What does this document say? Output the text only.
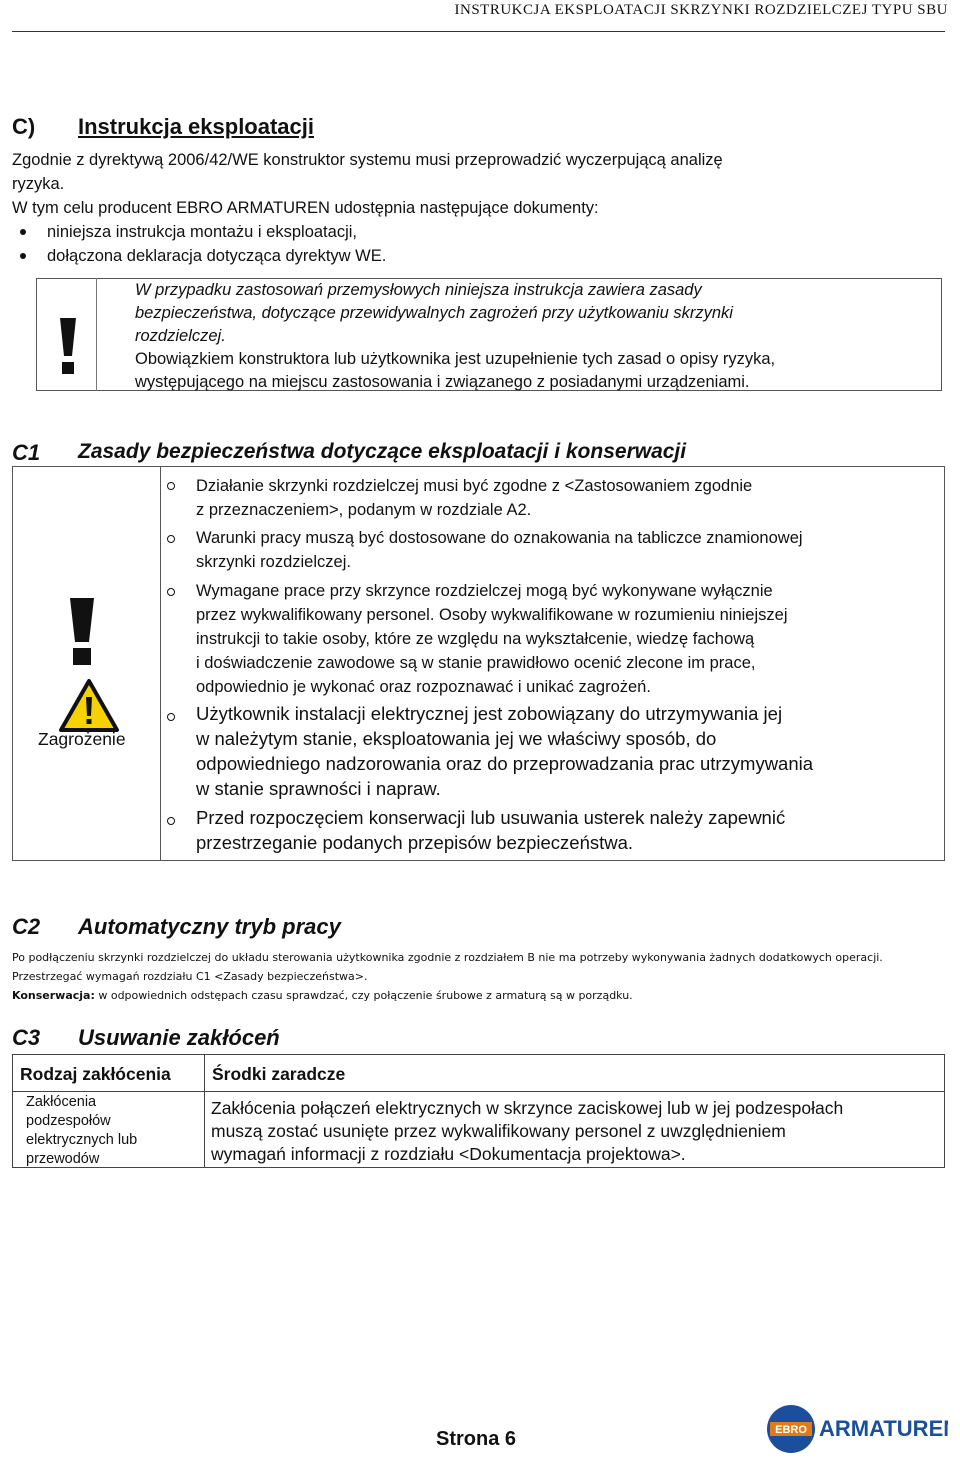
INSTRUKCJA EKSPLOATACJI SKRZYNKI ROZDZIELCZEJ TYPU SBU
C) Instrukcja eksploatacji
Zgodnie z dyrektywą 2006/42/WE konstruktor systemu musi przeprowadzić wyczerpującą analizę
ryzyka.
W tym celu producent EBRO ARMATUREN udostępnia następujące dokumenty:
niniejsza instrukcja montażu i eksploatacji,
dołączona deklaracja dotycząca dyrektyw WE.
W przypadku zastosowań przemysłowych niniejsza instrukcja zawiera zasady
bezpieczeństwa, dotyczące przewidywalnych zagrożeń przy użytkowaniu skrzynki
rozdzielczej.
Obowiązkiem konstruktora lub użytkownika jest uzupełnienie tych zasad o opisy ryzyka,
występującego na miejscu zastosowania i związanego z posiadanymi urządzeniami.
C1 Zasady bezpieczeństwa dotyczące eksploatacji i konserwacji
Zagrożenie
Działanie skrzynki rozdzielczej musi być zgodne z <Zastosowaniem zgodnie
z przeznaczeniem>, podanym w rozdziale A2.
Warunki pracy muszą być dostosowane do oznakowania na tabliczce znamionowej
skrzynki rozdzielczej.
Wymagane prace przy skrzynce rozdzielczej mogą być wykonywane wyłącznie
przez wykwalifikowany personel. Osoby wykwalifikowane w rozumieniu niniejszej
instrukcji to takie osoby, które ze względu na wykształcenie, wiedzę fachową
i doświadczenie zawodowe są w stanie prawidłowo ocenić zlecone im prace,
odpowiednio je wykonać oraz rozpoznawać i unikać zagrożeń.
Użytkownik instalacji elektrycznej jest zobowiązany do utrzymywania jej
w należytym stanie, eksploatowania jej we właściwy sposób, do
odpowiedniego nadzorowania oraz do przeprowadzania prac utrzymywania
w stanie sprawności i napraw.
Przed rozpoczęciem konserwacji lub usuwania usterek należy zapewnić
przestrzeganie podanych przepisów bezpieczeństwa.
C2 Automatyczny tryb pracy
Po podłączeniu skrzynki rozdzielczej do układu sterowania użytkownika zgodnie z rozdziałem B nie ma potrzeby wykonywania żadnych dodatkowych operacji.
Przestrzegać wymagań rozdziału C1 <Zasady bezpieczeństwa>.
Konserwacja: w odpowiednich odstępach czasu sprawdzać, czy połączenie śrubowe z armaturą są w porządku.
C3 Usuwanie zakłóceń
Rodzaj zakłócenia Środki zaradcze
Zakłócenia
podzespołów
elektrycznych lub
przewodów
Zakłócenia połączeń elektrycznych w skrzynce zaciskowej lub w jej podzespołach
muszą zostać usunięte przez wykwalifikowany personel z uwzględnieniem
wymagań informacji z rozdziału <Dokumentacja projektowa>.
Strona 6	EBRO ARMATUREN
